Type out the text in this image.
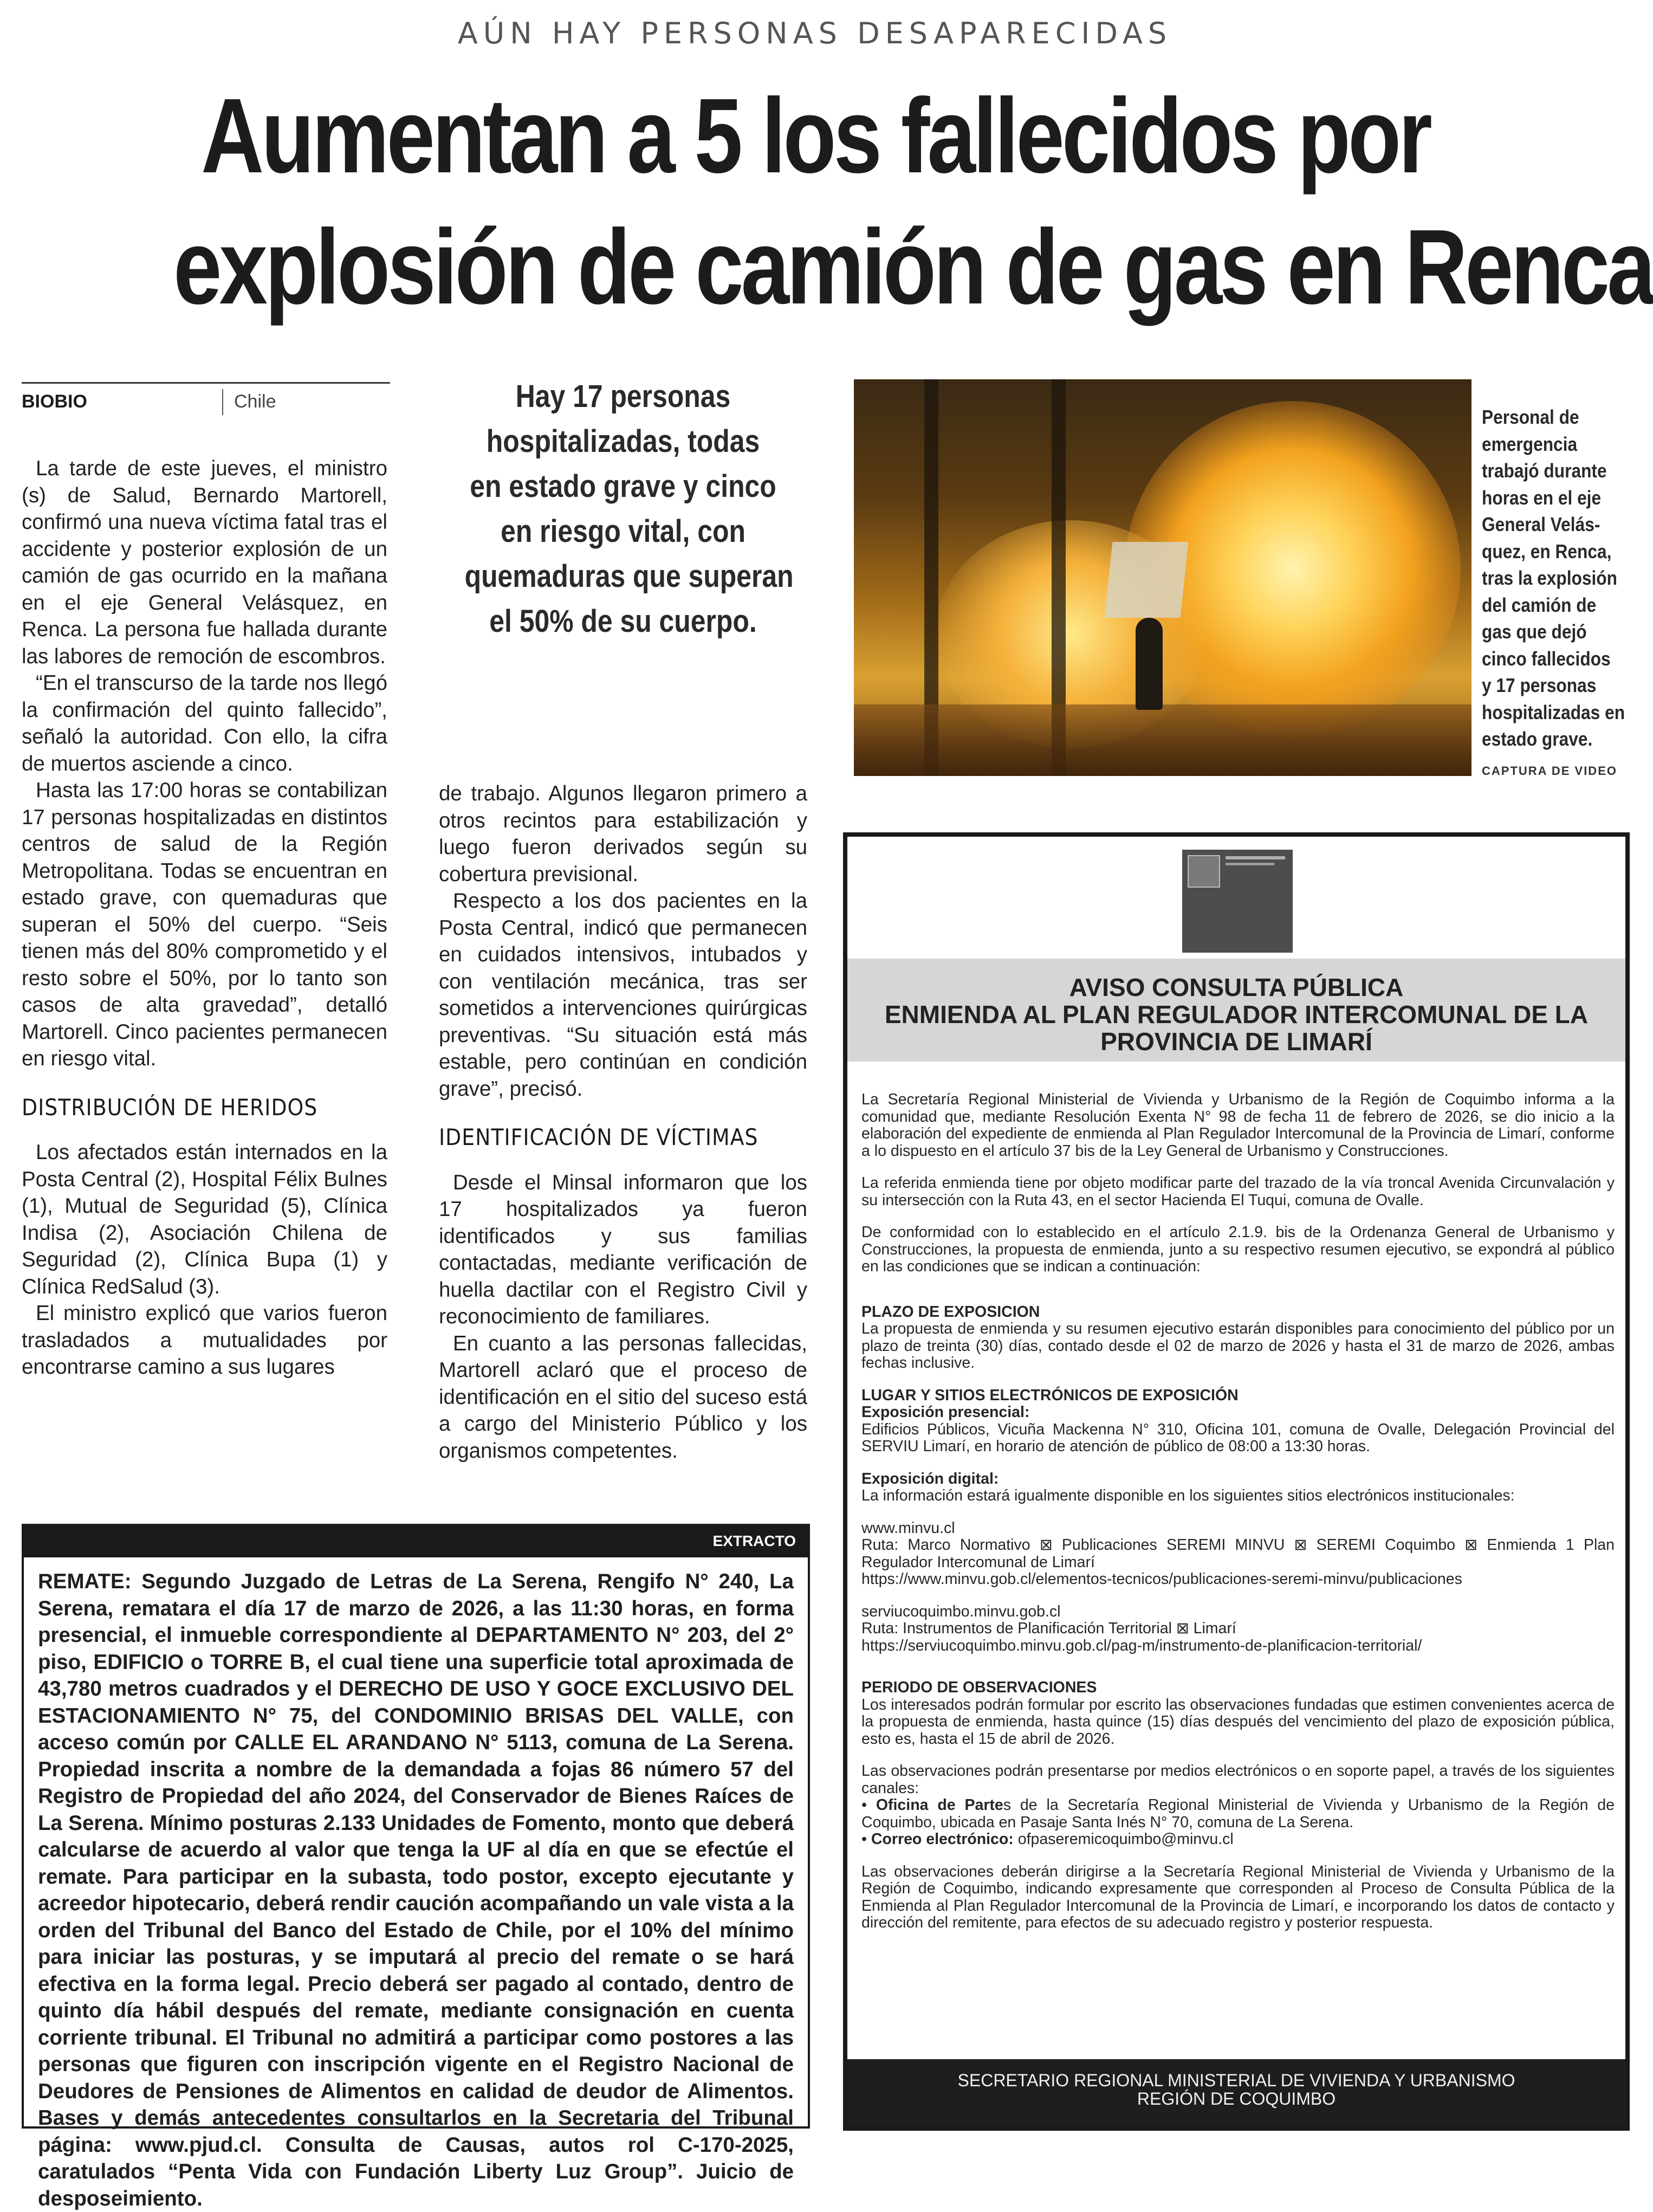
AÚN HAY PERSONAS DESAPARECIDAS
Aumentan a 5 los fallecidos por
explosión de camión de gas en Renca
BIOBIO	Chile

La tarde de este jueves, el ministro (s) de Salud, Bernardo Martorell, confirmó una nueva víctima fatal tras el accidente y posterior explosión de un camión de gas ocurrido en la mañana en el eje General Velásquez, en Renca. La persona fue hallada durante las labores de remoción de escombros.

“En el transcurso de la tarde nos llegó la confirmación del quinto fallecido”, señaló la autoridad. Con ello, la cifra de muertos asciende a cinco.

Hasta las 17:00 horas se contabilizan 17 personas hospitalizadas en distintos centros de salud de la Región Metropolitana. Todas se encuentran en estado grave, con quemaduras que superan el 50% del cuerpo. “Seis tienen más del 80% comprometido y el resto sobre el 50%, por lo tanto son casos de alta gravedad”, detalló Martorell. Cinco pacientes permanecen en riesgo vital.

DISTRIBUCIÓN DE HERIDOS

Los afectados están internados en la Posta Central (2), Hospital Félix Bulnes (1), Mutual de Seguridad (5), Clínica Indisa (2), Asociación Chilena de Seguridad (2), Clínica Bupa (1) y Clínica RedSalud (3).

El ministro explicó que varios fueron trasladados a mutualidades por encontrarse camino a sus lugares

Hay 17 personas
hospitalizadas, todas
en estado grave y cinco
en riesgo vital, con
quemaduras que superan
el 50% de su cuerpo.

de trabajo. Algunos llegaron primero a otros recintos para estabilización y luego fueron derivados según su cobertura previsional.

Respecto a los dos pacientes en la Posta Central, indicó que permanecen en cuidados intensivos, intubados y con ventilación mecánica, tras ser sometidos a intervenciones quirúrgicas preventivas. “Su situación está más estable, pero continúan en condición grave”, precisó.

IDENTIFICACIÓN DE VÍCTIMAS

Desde el Minsal informaron que los 17 hospitalizados ya fueron identificados y sus familias contactadas, mediante verificación de huella dactilar con el Registro Civil y reconocimiento de familiares.

En cuanto a las personas fallecidas, Martorell aclaró que el proceso de identificación en el sitio del suceso está a cargo del Ministerio Público y los organismos competentes.

Personal de
emergencia
trabajó durante
horas en el eje
General Velás-
quez, en Renca,
tras la explosión
del camión de
gas que dejó
cinco fallecidos
y 17 personas
hospitalizadas en
estado grave.
CAPTURA DE VIDEO
EXTRACTO
REMATE: Segundo Juzgado de Letras de La Serena, Rengifo N° 240, La Serena, rematara el día 17 de marzo de 2026, a las 11:30 horas, en forma presencial, el inmueble correspondiente al DEPARTAMENTO N° 203, del 2° piso, EDIFICIO o TORRE B, el cual tiene una superficie total aproximada de 43,780 metros cuadrados y el DERECHO DE USO Y GOCE EXCLUSIVO DEL ESTACIONAMIENTO N° 75, del CONDOMINIO BRISAS DEL VALLE, con acceso común por CALLE EL ARANDANO N° 5113, comuna de La Serena. Propiedad inscrita a nombre de la demandada a fojas 86 número 57 del Registro de Propiedad del año 2024, del Conservador de Bienes Raíces de La Serena. Mínimo posturas 2.133 Unidades de Fomento, monto que deberá calcularse de acuerdo al valor que tenga la UF al día en que se efectúe el remate. Para participar en la subasta, todo postor, excepto ejecutante y acreedor hipotecario, deberá rendir caución acompañando un vale vista a la orden del Tribunal del Banco del Estado de Chile, por el 10% del mínimo para iniciar las posturas, y se imputará al precio del remate o se hará efectiva en la forma legal. Precio deberá ser pagado al contado, dentro de quinto día hábil después del remate, mediante consignación en cuenta corriente tribunal. El Tribunal no admitirá a participar como postores a las personas que figuren con inscripción vigente en el Registro Nacional de Deudores de Pensiones de Alimentos en calidad de deudor de Alimentos. Bases y demás antecedentes consultarlos en la Secretaria del Tribunal página: www.pjud.cl. Consulta de Causas, autos rol C-170-2025, caratulados “Penta Vida con Fundación Liberty Luz Group”. Juicio de desposeimiento.
AVISO CONSULTA PÚBLICA
ENMIENDA AL PLAN REGULADOR INTERCOMUNAL DE LA
PROVINCIA DE LIMARÍ

La Secretaría Regional Ministerial de Vivienda y Urbanismo de la Región de Coquimbo informa a la comunidad que, mediante Resolución Exenta N° 98 de fecha 11 de febrero de 2026, se dio inicio a la elaboración del expediente de enmienda al Plan Regulador Intercomunal de la Provincia de Limarí, conforme a lo dispuesto en el artículo 37 bis de la Ley General de Urbanismo y Construcciones.

La referida enmienda tiene por objeto modificar parte del trazado de la vía troncal Avenida Circunvalación y su intersección con la Ruta 43, en el sector Hacienda El Tuqui, comuna de Ovalle.

De conformidad con lo establecido en el artículo 2.1.9. bis de la Ordenanza General de Urbanismo y Construcciones, la propuesta de enmienda, junto a su respectivo resumen ejecutivo, se expondrá al público en las condiciones que se indican a continuación:

PLAZO DE EXPOSICION

La propuesta de enmienda y su resumen ejecutivo estarán disponibles para conocimiento del público por un plazo de treinta (30) días, contado desde el 02 de marzo de 2026 y hasta el 31 de marzo de 2026, ambas fechas inclusive.

LUGAR Y SITIOS ELECTRÓNICOS DE EXPOSICIÓN

Exposición presencial:

Edificios Públicos, Vicuña Mackenna N° 310, Oficina 101, comuna de Ovalle, Delegación Provincial del SERVIU Limarí, en horario de atención de público de 08:00 a 13:30 horas.

Exposición digital:

La información estará igualmente disponible en los siguientes sitios electrónicos institucionales:

www.minvu.cl

Ruta: Marco Normativo ⊠ Publicaciones SEREMI MINVU ⊠ SEREMI Coquimbo ⊠ Enmienda 1 Plan Regulador Intercomunal de Limarí

https://www.minvu.gob.cl/elementos-tecnicos/publicaciones-seremi-minvu/publicaciones

serviucoquimbo.minvu.gob.cl

Ruta: Instrumentos de Planificación Territorial ⊠ Limarí

https://serviucoquimbo.minvu.gob.cl/pag-m/instrumento-de-planificacion-territorial/

PERIODO DE OBSERVACIONES

Los interesados podrán formular por escrito las observaciones fundadas que estimen convenientes acerca de la propuesta de enmienda, hasta quince (15) días después del vencimiento del plazo de exposición pública, esto es, hasta el 15 de abril de 2026.

Las observaciones podrán presentarse por medios electrónicos o en soporte papel, a través de los siguientes canales:

• Oficina de Partes de la Secretaría Regional Ministerial de Vivienda y Urbanismo de la Región de Coquimbo, ubicada en Pasaje Santa Inés N° 70, comuna de La Serena.

• Correo electrónico: ofpaseremicoquimbo@minvu.cl

Las observaciones deberán dirigirse a la Secretaría Regional Ministerial de Vivienda y Urbanismo de la Región de Coquimbo, indicando expresamente que corresponden al Proceso de Consulta Pública de la Enmienda al Plan Regulador Intercomunal de la Provincia de Limarí, e incorporando los datos de contacto y dirección del remitente, para efectos de su adecuado registro y posterior respuesta.

SECRETARIO REGIONAL MINISTERIAL DE VIVIENDA Y URBANISMO
REGIÓN DE COQUIMBO
